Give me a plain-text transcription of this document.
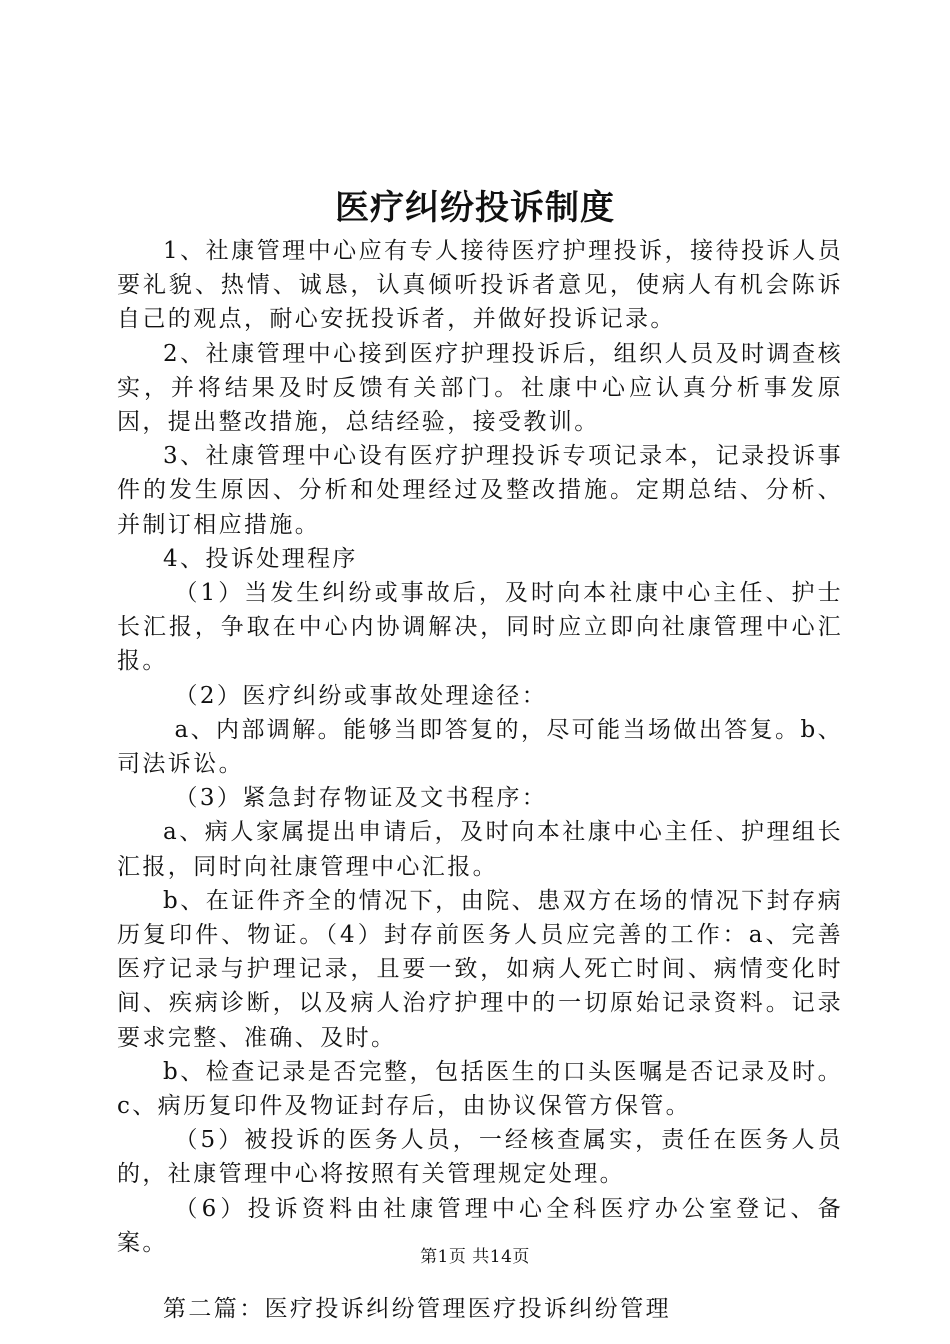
医疗纠纷投诉制度

1、社康管理中心应有专人接待医疗护理投诉，接待投诉人员要礼貌、热情、诚恳，认真倾听投诉者意见，使病人有机会陈诉自己的观点，耐心安抚投诉者，并做好投诉记录。

2、社康管理中心接到医疗护理投诉后，组织人员及时调查核实，并将结果及时反馈有关部门。社康中心应认真分析事发原因，提出整改措施，总结经验，接受教训。

3、社康管理中心设有医疗护理投诉专项记录本，记录投诉事件的发生原因、分析和处理经过及整改措施。定期总结、分析、并制订相应措施。

4、投诉处理程序

（1）当发生纠纷或事故后，及时向本社康中心主任、护士长汇报，争取在中心内协调解决，同时应立即向社康管理中心汇报。

（2）医疗纠纷或事故处理途径：

a、内部调解。能够当即答复的，尽可能当场做出答复。b、司法诉讼。

（3）紧急封存物证及文书程序：

a、病人家属提出申请后，及时向本社康中心主任、护理组长汇报，同时向社康管理中心汇报。

b、在证件齐全的情况下，由院、患双方在场的情况下封存病历复印件、物证。（4）封存前医务人员应完善的工作：a、完善医疗记录与护理记录，且要一致，如病人死亡时间、病情变化时间、疾病诊断，以及病人治疗护理中的一切原始记录资料。记录要求完整、准确、及时。

b、检查记录是否完整，包括医生的口头医嘱是否记录及时。c、病历复印件及物证封存后，由协议保管方保管。

（5）被投诉的医务人员，一经核查属实，责任在医务人员的，社康管理中心将按照有关管理规定处理。

（6）投诉资料由社康管理中心全科医疗办公室登记、备案。

第二篇：医疗投诉纠纷管理医疗投诉纠纷管理

第1页 共14页
